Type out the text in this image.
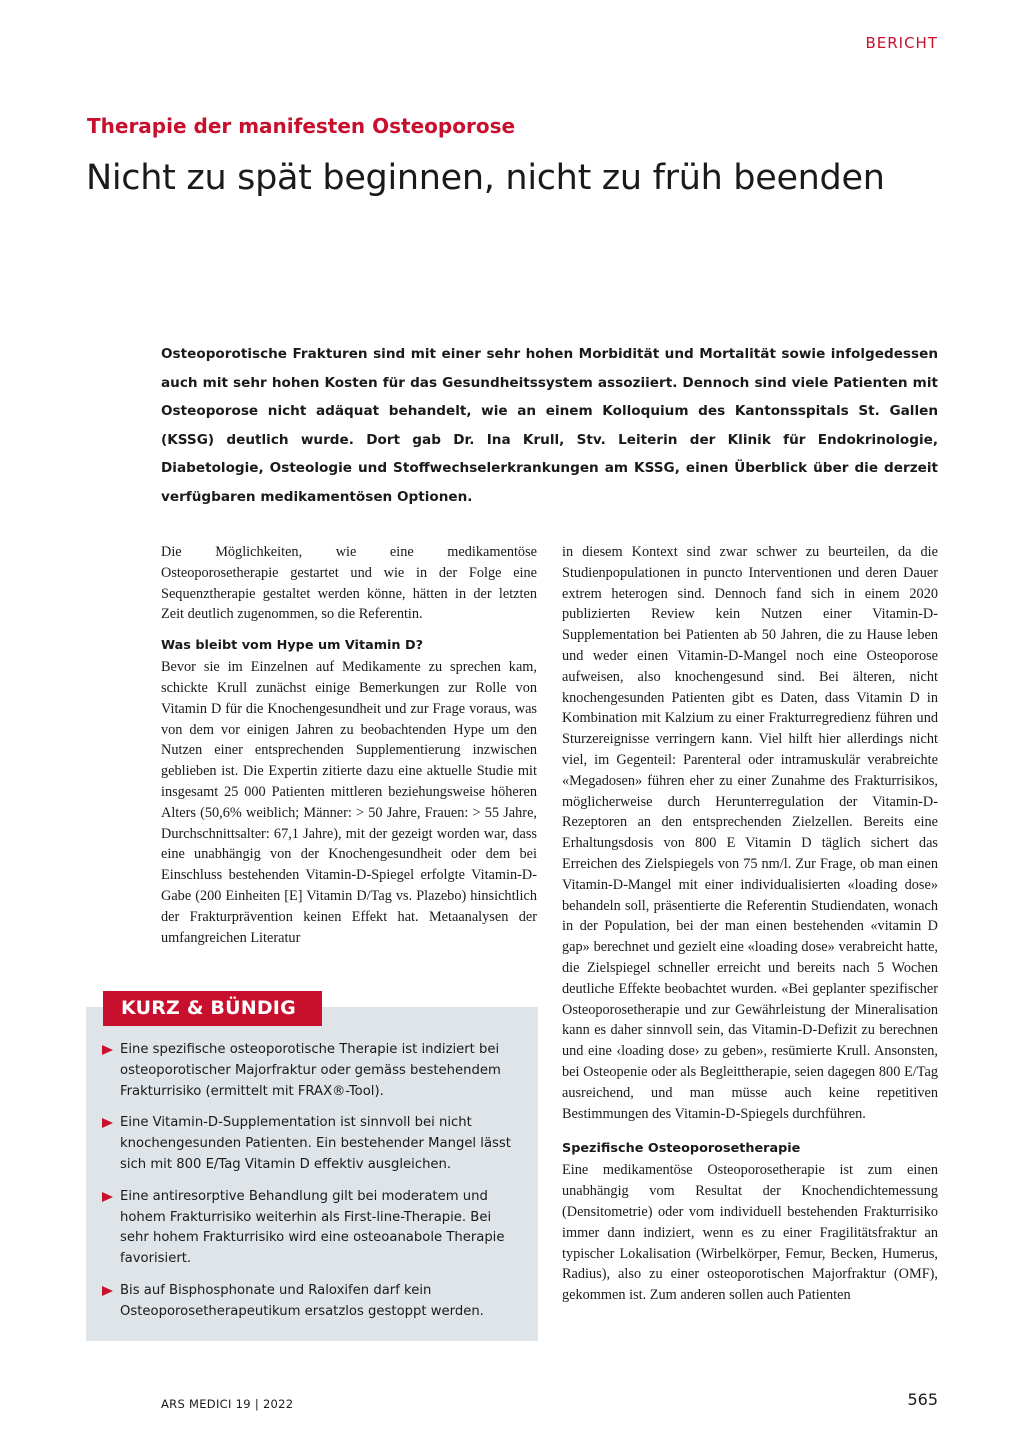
BERICHT
Therapie der manifesten Osteoporose
Nicht zu spät beginnen, nicht zu früh beenden

Osteoporotische Frakturen sind mit einer sehr hohen Morbidität und Mortalität sowie infolgedessen auch mit sehr hohen Kosten für das Gesundheitssystem assoziiert. Dennoch sind viele Patienten mit Osteoporose nicht adäquat behandelt, wie an einem Kolloquium des Kantonsspitals St. Gallen (KSSG) deutlich wurde. Dort gab Dr. Ina Krull, Stv. Leiterin der Klinik für Endokrinologie, Diabetologie, Osteologie und Stoffwechselerkrankungen am KSSG, einen Überblick über die derzeit verfügbaren medikamentösen Optionen.

Die Möglichkeiten, wie eine medikamentöse Osteoporosetherapie gestartet und wie in der Folge eine Sequenztherapie gestaltet werden könne, hätten in der letzten Zeit deutlich zugenommen, so die Referentin.

Was bleibt vom Hype um Vitamin D?

Bevor sie im Einzelnen auf Medikamente zu sprechen kam, schickte Krull zunächst einige Bemerkungen zur Rolle von Vitamin D für die Knochengesundheit und zur Frage voraus, was von dem vor einigen Jahren zu beobachtenden Hype um den Nutzen einer entsprechenden Supplementierung inzwischen geblieben ist. Die Expertin zitierte dazu eine aktuelle Studie mit insgesamt 25 000 Patienten mittleren beziehungsweise höheren Alters (50,6% weiblich; Männer: > 50 Jahre, Frauen: > 55 Jahre, Durchschnittsalter: 67,1 Jahre), mit der gezeigt worden war, dass eine unabhängig von der Knochengesundheit oder dem bei Einschluss bestehenden Vitamin-D-Spiegel erfolgte Vitamin-D-Gabe (200 Einheiten [E] Vitamin D/Tag vs. Plazebo) hinsichtlich der Frakturprävention keinen Effekt hat. Metaanalysen der umfangreichen Literatur

in diesem Kontext sind zwar schwer zu beurteilen, da die Studienpopulationen in puncto Interventionen und deren Dauer extrem heterogen sind. Dennoch fand sich in einem 2020 publizierten Review kein Nutzen einer Vitamin-D-Supplementation bei Patienten ab 50 Jahren, die zu Hause leben und weder einen Vitamin-D-Mangel noch eine Osteoporose aufweisen, also knochengesund sind. Bei älteren, nicht knochengesunden Patienten gibt es Daten, dass Vitamin D in Kombination mit Kalzium zu einer Frakturregredienz führen und Sturzereignisse verringern kann. Viel hilft hier allerdings nicht viel, im Gegenteil: Parenteral oder intramuskulär verabreichte «Megadosen» führen eher zu einer Zunahme des Frakturrisikos, möglicherweise durch Herunterregulation der Vitamin-D-Rezeptoren an den entsprechenden Zielzellen. Bereits eine Erhaltungsdosis von 800 E Vitamin D täglich sichert das Erreichen des Zielspiegels von 75 nm/l. Zur Frage, ob man einen Vitamin-D-Mangel mit einer individualisierten «loading dose» behandeln soll, präsentierte die Referentin Studiendaten, wonach in der Population, bei der man einen bestehenden «vitamin D gap» berechnet und gezielt eine «loading dose» verabreicht hatte, die Zielspiegel schneller erreicht und bereits nach 5 Wochen deutliche Effekte beobachtet wurden. «Bei geplanter spezifischer Osteoporosetherapie und zur Gewährleistung der Mineralisation kann es daher sinnvoll sein, das Vitamin-D-Defizit zu berechnen und eine ‹loading dose› zu geben», resümierte Krull. Ansonsten, bei Osteopenie oder als Begleittherapie, seien dagegen 800 E/Tag ausreichend, und man müsse auch keine repetitiven Bestimmungen des Vitamin-D-Spiegels durchführen.

Spezifische Osteoporosetherapie

Eine medikamentöse Osteoporosetherapie ist zum einen unabhängig vom Resultat der Knochendichtemessung (Densitometrie) oder vom individuell bestehenden Frakturrisiko immer dann indiziert, wenn es zu einer Fragilitätsfraktur an typischer Lokalisation (Wirbelkörper, Femur, Becken, Humerus, Radius), also zu einer osteoporotischen Majorfraktur (OMF), gekommen ist. Zum anderen sollen auch Patienten

KURZ & BÜNDIG
Eine spezifische osteoporotische Therapie ist indiziert bei osteoporotischer Majorfraktur oder gemäss bestehendem Frakturrisiko (ermittelt mit FRAX®-Tool).
Eine Vitamin-D-Supplementation ist sinnvoll bei nicht knochengesunden Patienten. Ein bestehender Mangel lässt sich mit 800 E/Tag Vitamin D effektiv ausgleichen.
Eine antiresorptive Behandlung gilt bei moderatem und hohem Frakturrisiko weiterhin als First-line-Therapie. Bei sehr hohem Frakturrisiko wird eine osteoanabole Therapie favorisiert.
Bis auf Bisphosphonate und Raloxifen darf kein Osteoporosetherapeutikum ersatzlos gestoppt werden.
ARS MEDICI 19 | 2022	565
